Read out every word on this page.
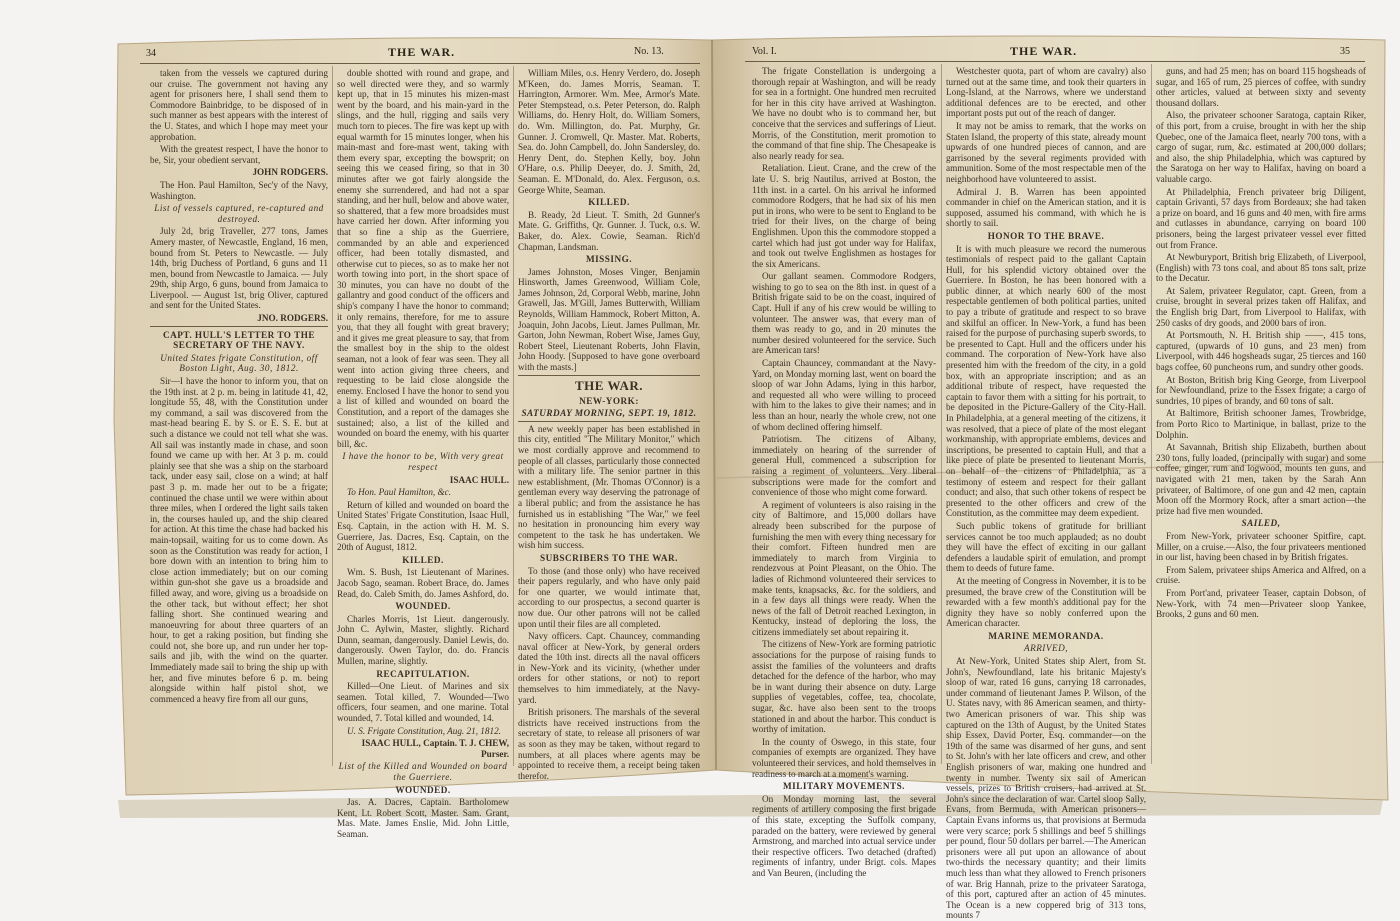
34	THE WAR.	No. 13.

taken from the vessels we captured during our cruise. The government not having any agent for prisoners here, I shall send them to Commodore Bainbridge, to be disposed of in such manner as best appears with the interest of the U. States, and which I hope may meet your approbation.

With the greatest respect, I have the honor to be, Sir, your obedient servant,

JOHN RODGERS.

The Hon. Paul Hamilton, Sec'y of the Navy, Washington.

List of vessels captured, re-captured and destroyed.

July 2d, brig Traveller, 277 tons, James Amery master, of Newcastle, England, 16 men, bound from St. Peters to Newcastle. — July 14th, brig Duchess of Portland, 6 guns and 11 men, bound from Newcastle to Jamaica. — July 29th, ship Argo, 6 guns, bound from Jamaica to Liverpool. — August 1st, brig Oliver, captured and sent for the United States.

JNO. RODGERS.

CAPT. HULL'S LETTER TO THE SECRETARY OF THE NAVY.

United States frigate Constitution, off Boston Light, Aug. 30, 1812.

Sir—I have the honor to inform you, that on the 19th inst. at 2 p. m. being in latitude 41, 42, longitude 55, 48, with the Constitution under my command, a sail was discovered from the mast-head bearing E. by S. or E. S. E. but at such a distance we could not tell what she was. All sail was instantly made in chase, and soon found we came up with her. At 3 p. m. could plainly see that she was a ship on the starboard tack, under easy sail, close on a wind; at half past 3 p. m. made her out to be a frigate; continued the chase until we were within about three miles, when I ordered the light sails taken in, the courses hauled up, and the ship cleared for action. At this time the chase had backed his main-topsail, waiting for us to come down. As soon as the Constitution was ready for action, I bore down with an intention to bring him to close action immediately; but on our coming within gun-shot she gave us a broadside and filled away, and wore, giving us a broadside on the other tack, but without effect; her shot falling short. She continued wearing and manoeuvring for about three quarters of an hour, to get a raking position, but finding she could not, she bore up, and run under her top-sails and jib, with the wind on the quarter. Immediately made sail to bring the ship up with her, and five minutes before 6 p. m. being alongside within half pistol shot, we commenced a heavy fire from all our guns,

double shotted with round and grape, and so well directed were they, and so warmly kept up, that in 15 minutes his mizen-mast went by the board, and his main-yard in the slings, and the hull, rigging and sails very much torn to pieces. The fire was kept up with equal warmth for 15 minutes longer, when his main-mast and fore-mast went, taking with them every spar, excepting the bowsprit; on seeing this we ceased firing, so that in 30 minutes after we got fairly alongside the enemy she surrendered, and had not a spar standing, and her hull, below and above water, so shattered, that a few more broadsides must have carried her down. After informing you that so fine a ship as the Guerriere, commanded by an able and experienced officer, had been totally dismasted, and otherwise cut to pieces, so as to make her not worth towing into port, in the short space of 30 minutes, you can have no doubt of the gallantry and good conduct of the officers and ship's company I have the honor to command; it only remains, therefore, for me to assure you, that they all fought with great bravery; and it gives me great pleasure to say, that from the smallest boy in the ship to the oldest seaman, not a look of fear was seen. They all went into action giving three cheers, and requesting to be laid close alongside the enemy. Enclosed I have the honor to send you a list of killed and wounded on board the Constitution, and a report of the damages she sustained; also, a list of the killed and wounded on board the enemy, with his quarter bill, &c.

I have the honor to be, With very great respect

ISAAC HULL.

To Hon. Paul Hamilton, &c.

Return of killed and wounded on board the United States' Frigate Constitution, Isaac Hull, Esq. Captain, in the action with H. M. S. Guerriere, Jas. Dacres, Esq. Captain, on the 20th of August, 1812.

KILLED.

Wm. S. Bush, 1st Lieutenant of Marines. Jacob Sago, seaman. Robert Brace, do. James Read, do. Caleb Smith, do. James Ashford, do.

WOUNDED.

Charles Morris, 1st Lieut. dangerously. John C. Aylwin, Master, slightly. Richard Dunn, seaman, dangerously. Daniel Lewis, do. dangerously. Owen Taylor, do. do. Francis Mullen, marine, slightly.

RECAPITULATION.

Killed—One Lieut. of Marines and six seamen. Total killed, 7. Wounded—Two officers, four seamen, and one marine. Total wounded, 7. Total killed and wounded, 14.

U. S. Frigate Constitution, Aug. 21, 1812.

ISAAC HULL, Captain. T. J. CHEW, Purser.

List of the Killed and Wounded on board the Guerriere.

WOUNDED.

Jas. A. Dacres, Captain. Bartholomew Kent, Lt. Robert Scott, Master. Sam. Grant, Mas. Mate. James Enslie, Mid. John Little, Seaman.

William Miles, o.s. Henry Verdero, do. Joseph M'Keen, do. James Morris, Seaman. T. Harrington, Armorer. Wm. Mee, Armor's Mate. Peter Stempstead, o.s. Peter Peterson, do. Ralph Williams, do. Henry Holt, do. William Somers, do. Wm. Millington, do. Pat. Murphy, Gr. Gunner. J. Cromwell, Qr. Master. Mat. Roberts, Sea. do. John Campbell, do. John Sandersley, do. Henry Dent, do. Stephen Kelly, boy. John O'Hare, o.s. Philip Deeyer, do. J. Smith, 2d, Seaman. E. M'Donald, do. Alex. Ferguson, o.s. George White, Seaman.

KILLED.

B. Ready, 2d Lieut. T. Smith, 2d Gunner's Mate. G. Griffiths, Qr. Gunner. J. Tuck, o.s. W. Baker, do. Alex. Cowie, Seaman. Rich'd Chapman, Landsman.

MISSING.

James Johnston, Moses Vinger, Benjamin Hinsworth, James Greenwood, William Cole, James Johnson, 2d, Corporal Webb, marine, John Grawell, Jas. M'Gill, James Butterwith, William Reynolds, William Hammock, Robert Mitton, A. Joaquin, John Jacobs, Lieut. James Pullman, Mr. Garton, John Newman, Robert Wise, James Guy, Robert Steel, Lieutenant Roberts, John Flavin, John Hoody. [Supposed to have gone overboard with the masts.]

THE WAR.

NEW-YORK:

SATURDAY MORNING, SEPT. 19, 1812.

A new weekly paper has been established in this city, entitled "The Military Monitor," which we most cordially approve and recommend to people of all classes, particularly those connected with a military life. The senior partner in this new establishment, (Mr. Thomas O'Connor) is a gentleman every way deserving the patronage of a liberal public; and from the assistance he has furnished us in establishing "The War," we feel no hesitation in pronouncing him every way competent to the task he has undertaken. We wish him success.

SUBSCRIBERS TO THE WAR.

To those (and those only) who have received their papers regularly, and who have only paid for one quarter, we would intimate that, according to our prospectus, a second quarter is now due. Our other patrons will not be called upon until their files are all completed.

Navy officers. Capt. Chauncey, commanding naval officer at New-York, by general orders dated the 10th inst. directs all the naval officers in New-York and its vicinity, (whether under orders for other stations, or not) to report themselves to him immediately, at the Navy-yard.

British prisoners. The marshals of the several districts have received instructions from the secretary of state, to release all prisoners of war as soon as they may be taken, without regard to numbers, at all places where agents may be appointed to receive them, a receipt being taken therefor.

Vol. I.	THE WAR.	35

The frigate Constellation is undergoing a thorough repair at Washington, and will be ready for sea in a fortnight. One hundred men recruited for her in this city have arrived at Washington. We have no doubt who is to command her, but conceive that the services and sufferings of Lieut. Morris, of the Constitution, merit promotion to the command of that fine ship. The Chesapeake is also nearly ready for sea.

Retaliation. Lieut. Crane, and the crew of the late U. S. brig Nautilus, arrived at Boston, the 11th inst. in a cartel. On his arrival he informed commodore Rodgers, that he had six of his men put in irons, who were to be sent to England to be tried for their lives, on the charge of being Englishmen. Upon this the commodore stopped a cartel which had just got under way for Halifax, and took out twelve Englishmen as hostages for the six Americans.

Our gallant seamen. Commodore Rodgers, wishing to go to sea on the 8th inst. in quest of a British frigate said to be on the coast, inquired of Capt. Hull if any of his crew would be willing to volunteer. The answer was, that every man of them was ready to go, and in 20 minutes the number desired volunteered for the service. Such are American tars!

Captain Chauncey, commandant at the Navy-Yard, on Monday morning last, went on board the sloop of war John Adams, lying in this harbor, and requested all who were willing to proceed with him to the lakes to give their names; and in less than an hour, nearly the whole crew, not one of whom declined offering himself.

Patriotism. The citizens of Albany, immediately on hearing of the surrender of general Hull, commenced a subscription for raising a regiment of volunteers. Very liberal subscriptions were made for the comfort and convenience of those who might come forward.

A regiment of volunteers is also raising in the city of Baltimore, and 15,000 dollars have already been subscribed for the purpose of furnishing the men with every thing necessary for their comfort. Fifteen hundred men are immediately to march from Virginia to rendezvous at Point Pleasant, on the Ohio. The ladies of Richmond volunteered their services to make tents, knapsacks, &c. for the soldiers, and in a few days all things were ready. When the news of the fall of Detroit reached Lexington, in Kentucky, instead of deploring the loss, the citizens immediately set about repairing it.

The citizens of New-York are forming patriotic associations for the purpose of raising funds to assist the families of the volunteers and drafts detached for the defence of the harbor, who may be in want during their absence on duty. Large supplies of vegetables, coffee, tea, chocolate, sugar, &c. have also been sent to the troops stationed in and about the harbor. This conduct is worthy of imitation.

In the county of Oswego, in this state, four companies of exempts are organized. They have volunteered their services, and hold themselves in readiness to march at a moment's warning.

MILITARY MOVEMENTS.

On Monday morning last, the several regiments of artillery composing the first brigade of this state, excepting the Suffolk company, paraded on the battery, were reviewed by general Armstrong, and marched into actual service under their respective officers. Two detached (drafted) regiments of infantry, under Brigt. cols. Mapes and Van Beuren, (including the

Westchester quota, part of whom are cavalry) also turned out at the same time, and took their quarters in Long-Island, at the Narrows, where we understand additional defences are to be erected, and other important posts put out of the reach of danger.

It may not be amiss to remark, that the works on Staten Island, the property of this state, already mount upwards of one hundred pieces of cannon, and are garrisoned by the several regiments provided with ammunition. Some of the most respectable men of the neighborhood have volunteered to assist.

Admiral J. B. Warren has been appointed commander in chief on the American station, and it is supposed, assumed his command, with which he is shortly to sail.

HONOR TO THE BRAVE.

It is with much pleasure we record the numerous testimonials of respect paid to the gallant Captain Hull, for his splendid victory obtained over the Guerriere. In Boston, he has been honored with a public dinner, at which nearly 600 of the most respectable gentlemen of both political parties, united to pay a tribute of gratitude and respect to so brave and skilful an officer. In New-York, a fund has been raised for the purpose of purchasing superb swords, to be presented to Capt. Hull and the officers under his command. The corporation of New-York have also presented him with the freedom of the city, in a gold box, with an appropriate inscription; and as an additional tribute of respect, have requested the captain to favor them with a sitting for his portrait, to be deposited in the Picture-Gallery of the City-Hall. In Philadelphia, at a general meeting of the citizens, it was resolved, that a piece of plate of the most elegant workmanship, with appropriate emblems, devices and inscriptions, be presented to captain Hull, and that a like piece of plate be presented to lieutenant Morris, on behalf of the citizens of Philadelphia, as a testimony of esteem and respect for their gallant conduct; and also, that such other tokens of respect be presented to the other officers and crew of the Constitution, as the committee may deem expedient.

Such public tokens of gratitude for brilliant services cannot be too much applauded; as no doubt they will have the effect of exciting in our gallant defenders a laudable spirit of emulation, and prompt them to deeds of future fame.

At the meeting of Congress in November, it is to be presumed, the brave crew of the Constitution will be rewarded with a few month's additional pay for the dignity they have so nobly conferred upon the American character.

MARINE MEMORANDA.

ARRIVED,

At New-York, United States ship Alert, from St. John's, Newfoundland, late his britanic Majesty's sloop of war, rated 16 guns, carrying 18 carronades, under command of lieutenant James P. Wilson, of the U. States navy, with 86 American seamen, and thirty-two American prisoners of war. This ship was captured on the 13th of August, by the United States ship Essex, David Porter, Esq. commander—on the 19th of the same was disarmed of her guns, and sent to St. John's with her late officers and crew, and other English prisoners of war, making one hundred and twenty in number. Twenty six sail of American vessels, prizes to British cruisers, had arrived at St. John's since the declaration of war. Cartel sloop Sally, Evans, from Bermuda, with American prisoners—Captain Evans informs us, that provisions at Bermuda were very scarce; pork 5 shillings and beef 5 shillings per pound, flour 50 dollars per barrel.—The American prisoners were all put upon an allowance of about two-thirds the necessary quantity; and their limits much less than what they allowed to French prisoners of war. Brig Hannah, prize to the privateer Saratoga, of this port, captured after an action of 45 minutes. The Ocean is a new coppered brig of 313 tons, mounts 7

guns, and had 25 men; has on board 115 hogsheads of sugar, and 165 of rum, 25 pierces of coffee, with sundry other articles, valued at between sixty and seventy thousand dollars.

Also, the privateer schooner Saratoga, captain Riker, of this port, from a cruise, brought in with her the ship Quebec, one of the Jamaica fleet, nearly 700 tons, with a cargo of sugar, rum, &c. estimated at 200,000 dollars; and also, the ship Philadelphia, which was captured by the Saratoga on her way to Halifax, having on board a valuable cargo.

At Philadelphia, French privateer brig Diligent, captain Grivanti, 57 days from Bordeaux; she had taken a prize on board, and 16 guns and 40 men, with fire arms and cutlasses in abundance, carrying on board 100 prisoners, being the largest privateer vessel ever fitted out from France.

At Newburyport, British brig Elizabeth, of Liverpool, (English) with 73 tons coal, and about 85 tons salt, prize to the Decatur.

At Salem, privateer Regulator, capt. Green, from a cruise, brought in several prizes taken off Halifax, and the English brig Dart, from Liverpool to Halifax, with 250 casks of dry goods, and 2000 bars of iron.

At Portsmouth, N. H. British ship ——, 415 tons, captured, (upwards of 10 guns, and 23 men) from Liverpool, with 446 hogsheads sugar, 25 tierces and 160 bags coffee, 60 puncheons rum, and sundry other goods.

At Boston, British brig King George, from Liverpool for Newfoundland, prize to the Essex frigate; a cargo of sundries, 10 pipes of brandy, and 60 tons of salt.

At Baltimore, British schooner James, Trowbridge, from Porto Rico to Martinique, in ballast, prize to the Dolphin.

At Savannah, British ship Elizabeth, burthen about 230 tons, fully loaded, (principally with sugar) and some coffee, ginger, rum and logwood, mounts ten guns, and navigated with 21 men, taken by the Sarah Ann privateer, of Baltimore, of one gun and 42 men, captain Moon off the Mormory Rock, after a smart action—the prize had five men wounded.

SAILED,

From New-York, privateer schooner Spitfire, capt. Miller, on a cruise.—Also, the four privateers mentioned in our list, having been chased in by British frigates.

From Salem, privateer ships America and Alfred, on a cruise.

From Port'and, privateer Teaser, captain Dobson, of New-York, with 74 men—Privateer sloop Yankee, Brooks, 2 guns and 60 men.
